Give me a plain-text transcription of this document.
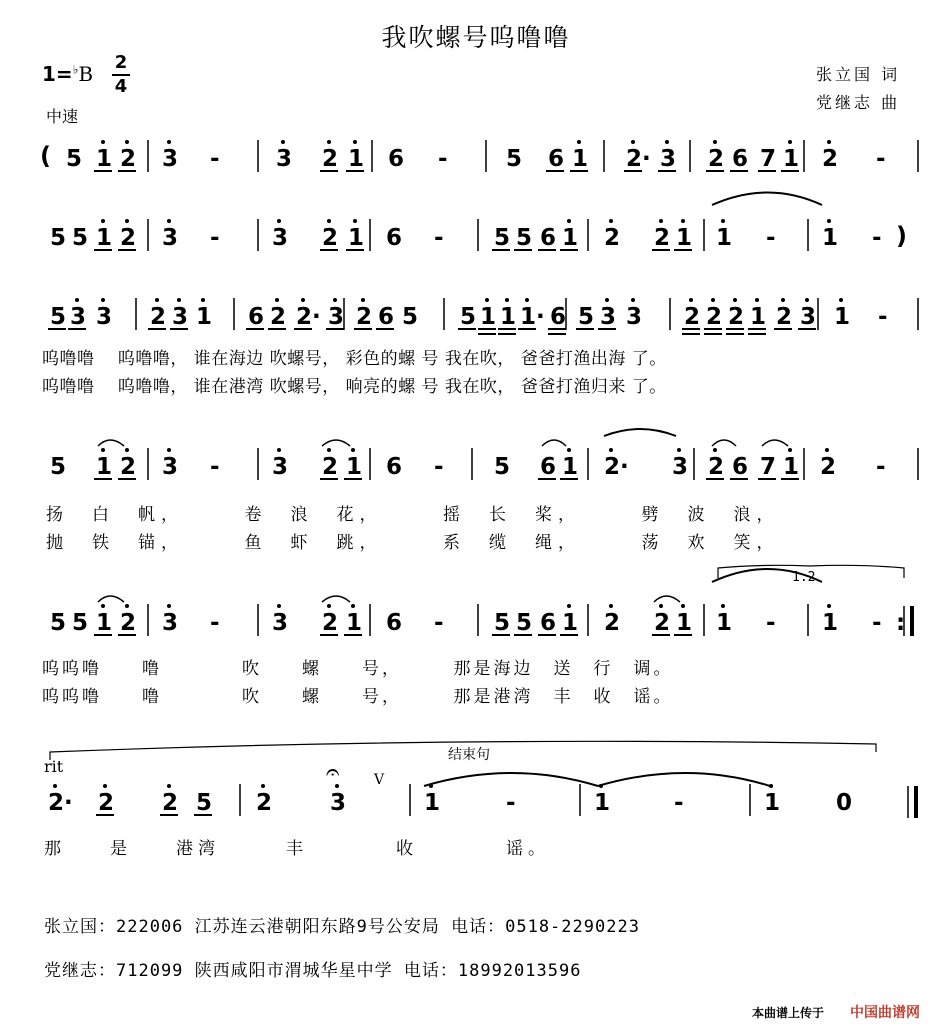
我吹螺号呜噜噜
张立国 词
党继志 曲
1=♭B 2
4
中速
5 1 2 3 - 3 2 1 6 -	5 6 1 2· 3 2 6 7 1 2 -
5 5 1 2 3 - 3 2 1 6 - 5 5 6 1 2 2 1 1 - 1 -
5 3 3 2 3 1 6 2 2· 3 2 6 5 5 1 1 1· 6 5 3 3 2 2 2 1 2 3 1 -
5 1 2 3 - 3 2 1 6 - 5 6 1 2· 3 2 6 7 1 2 -
5 5 1 2 3 - 3 2 1 6 - 5 5 6 1 2 2 1 1 - 1 - :
2· 2 2 5 2	3	1	-	1	-	1 0
(
)
1.2
rit
结束句
𝄐 V
呜噜噜　 呜噜噜， 谁在海边 吹螺号， 彩色的螺 号 我在吹， 爸爸打渔出海 了。
呜噜噜　 呜噜噜， 谁在港湾 吹螺号， 响亮的螺 号 我在吹， 爸爸打渔归来 了。
扬　白　帆，　　　卷　浪　花，　　　摇　长　桨，　　　劈　波　浪，
抛　铁　锚，　　　鱼　虾　跳，　　　系　缆　绳，　　　荡　欢　笑，
呜呜噜　　噜　　　　吹　　螺　　号，　　　那是海边　送　行　调。
呜呜噜　　噜　　　　吹　　螺　　号，　　　那是港湾　丰　收　谣。
那　　是　　港湾　　　丰　　　　收　　　　谣。
张立国：222006 江苏连云港朝阳东路9号公安局 电话：0518-2290223
党继志：712099 陕西咸阳市渭城华星中学 电话：18992013596
本曲谱上传于 中国曲谱网
